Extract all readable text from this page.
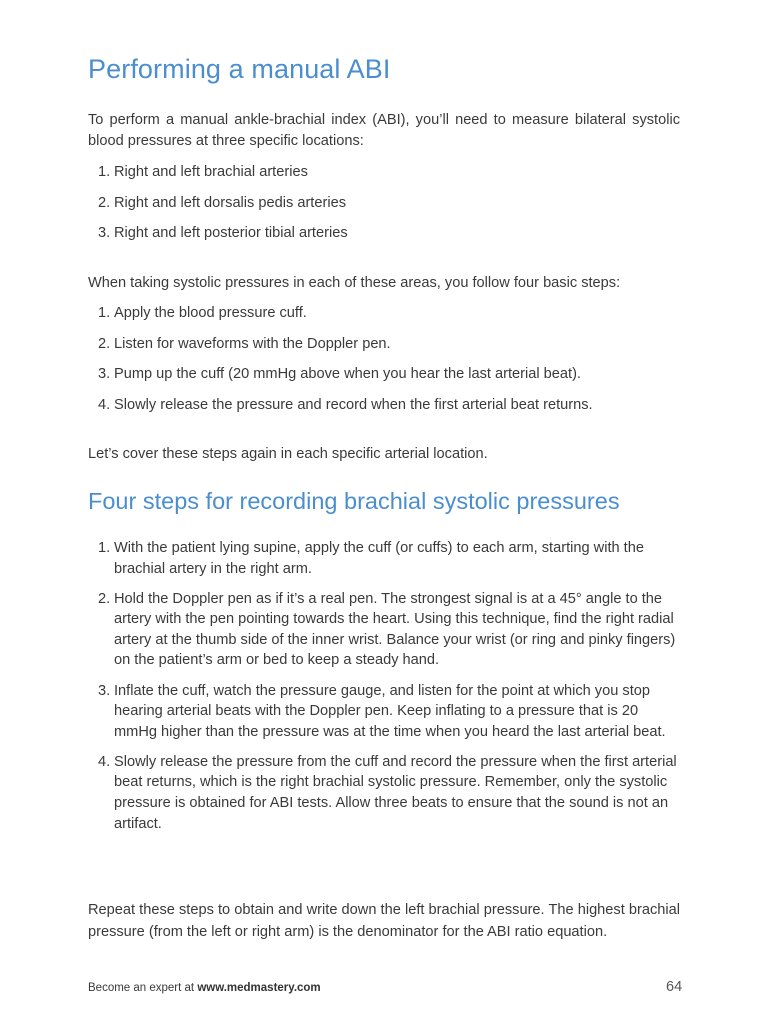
Performing a manual ABI

To perform a manual ankle-brachial index (ABI), you’ll need to measure bilateral systolic blood pressures at three specific locations:

1. Right and left brachial arteries
2. Right and left dorsalis pedis arteries
3. Right and left posterior tibial arteries

When taking systolic pressures in each of these areas, you follow four basic steps:

1. Apply the blood pressure cuff.
2. Listen for waveforms with the Doppler pen.
3. Pump up the cuff (20 mmHg above when you hear the last arterial beat).
4. Slowly release the pressure and record when the first arterial beat returns.

Let’s cover these steps again in each specific arterial location.

Four steps for recording brachial systolic pressures
1. With the patient lying supine, apply the cuff (or cuffs) to each arm, starting with the brachial artery in the right arm.
2. Hold the Doppler pen as if it’s a real pen. The strongest signal is at a 45° angle to the artery with the pen pointing towards the heart. Using this technique, find the right radial artery at the thumb side of the inner wrist. Balance your wrist (or ring and pinky fingers) on the patient’s arm or bed to keep a steady hand.
3. Inflate the cuff, watch the pressure gauge, and listen for the point at which you stop hearing arterial beats with the Doppler pen. Keep inflating to a pressure that is 20 mmHg higher than the pressure was at the time when you heard the last arterial beat.
4. Slowly release the pressure from the cuff and record the pressure when the first arterial beat returns, which is the right brachial systolic pressure. Remember, only the systolic pressure is obtained for ABI tests. Allow three beats to ensure that the sound is not an artifact.

Repeat these steps to obtain and write down the left brachial pressure. The highest brachial pressure (from the left or right arm) is the denominator for the ABI ratio equation.

Become an expert at www.medmastery.com	64
